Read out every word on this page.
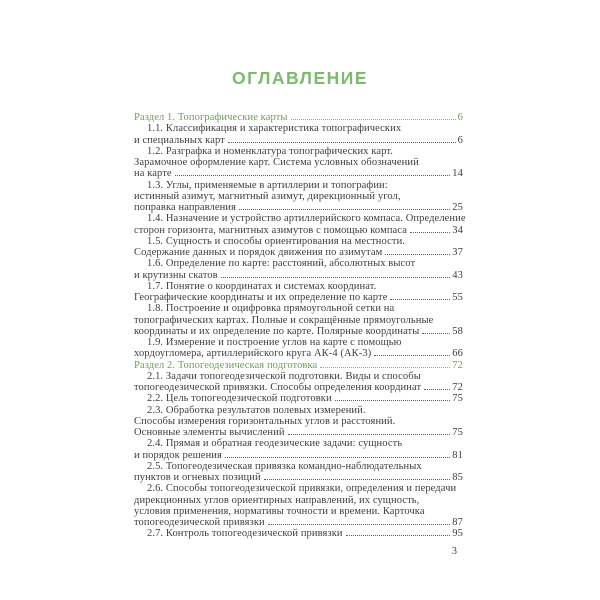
ОГЛАВЛЕНИЕ
Раздел 1. Топографические карты	6
1.1. Классификация и характеристика топографических
и специальных карт	6
1.2. Разграфка и номенклатура топографических карт.
Зарамочное оформление карт. Система условных обозначений
на карте	14
1.3. Углы, применяемые в артиллерии и топографии:
истинный азимут, магнитный азимут, дирекционный угол,
поправка направления	25
1.4. Назначение и устройство артиллерийского компаса. Определение
сторон горизонта, магнитных азимутов с помощью компаса	34
1.5. Сущность и способы ориентирования на местности.
Содержание данных и порядок движения по азимутам	37
1.6. Определение по карте: расстояний, абсолютных высот
и крутизны скатов	43
1.7. Понятие о координатах и системах координат.
Географические координаты и их определение по карте	55
1.8. Построение и оцифровка прямоугольной сетки на
топографических картах. Полные и сокращённые прямоугольные
координаты и их определение по карте. Полярные координаты	58
1.9. Измерение и построение углов на карте с помощью
хордоугломера, артиллерийского круга АК-4 (АК-3)	66
Раздел 2. Топогеодезическая подготовка	72
2.1. Задачи топогеодезической подготовки. Виды и способы
топогеодезической привязки. Способы определения координат	72
2.2. Цель топогеодезической подготовки	75
2.3. Обработка результатов полевых измерений.
Способы измерения горизонтальных углов и расстояний.
Основные элементы вычислений	75
2.4. Прямая и обратная геодезические задачи: сущность
и порядок решения	81
2.5. Топогеодезическая привязка командно-наблюдательных
пунктов и огневых позиций	85
2.6. Способы топогеодезической привязки, определения и передачи
дирекционных углов ориентирных направлений, их сущность,
условия применения, нормативы точности и времени. Карточка
топогеодезической привязки	87
2.7. Контроль топогеодезической привязки	95
3
